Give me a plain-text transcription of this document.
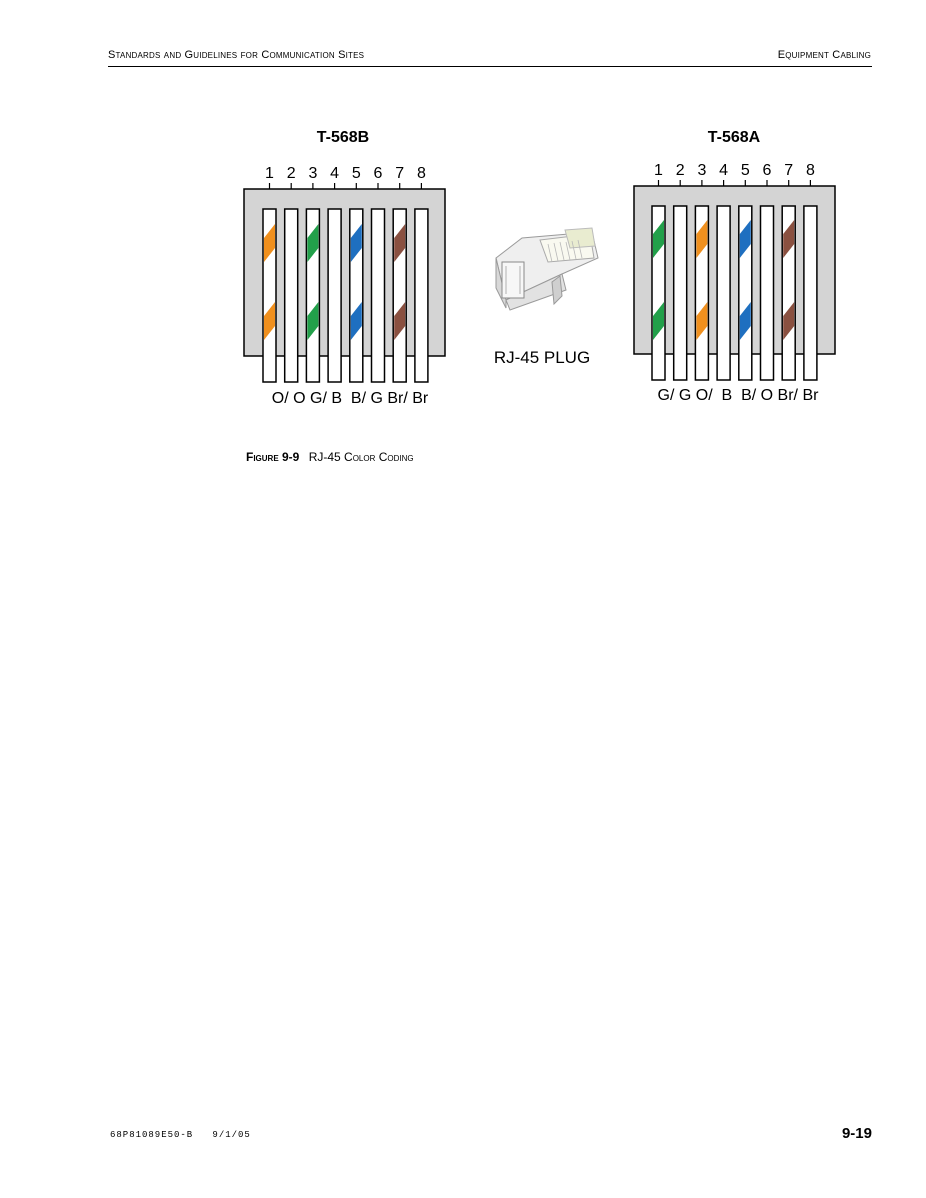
Standards and Guidelines for Communication Sites	Equipment Cabling
T-568B
1 2 3 4 5 6 7 8
O/ O G/ B  B/ G Br/ Br
RJ-45 PLUG
T-568A
1 2 3 4 5 6 7 8
G/ G O/  B  B/ O Br/ Br
Figure 9-9 RJ-45 Color Coding
68P81089E50-B   9/1/05	9-19
